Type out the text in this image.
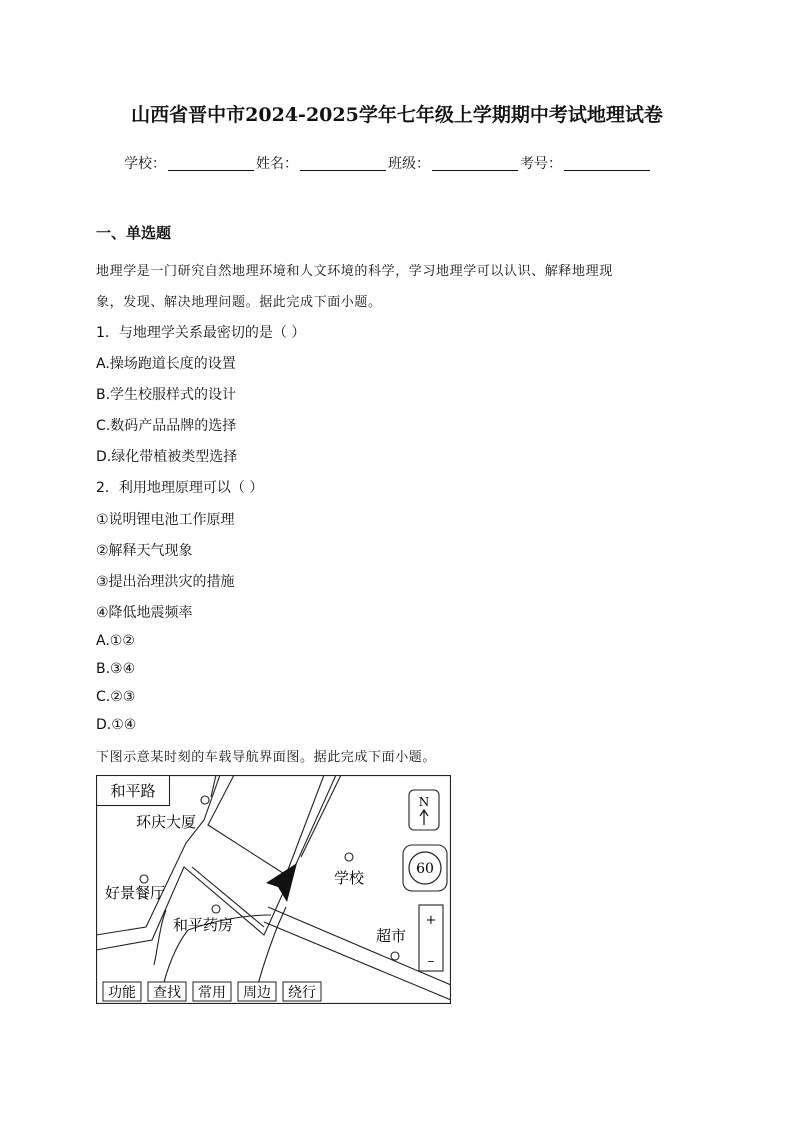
山西省晋中市2024-2025学年七年级上学期期中考试地理试卷
学校：	姓名：	班级：	考号：
一、单选题
地理学是一门研究自然地理环境和人文环境的科学，学习地理学可以认识、解释地理现
象，发现、解决地理问题。据此完成下面小题。
1．与地理学关系最密切的是（ ）
A.操场跑道长度的设置
B.学生校服样式的设计
C.数码产品品牌的选择
D.绿化带植被类型选择
2．利用地理原理可以（ ）
①说明锂电池工作原理
②解释天气现象
③提出治理洪灾的措施
④降低地震频率
A.①②
B.③④
C.②③
D.①④
下图示意某时刻的车载导航界面图。据此完成下面小题。
和平路
环庆大厦
好景餐厅
和平药房
学校
超市
N
60
+
–
功能 查找 常用 周边 绕行
